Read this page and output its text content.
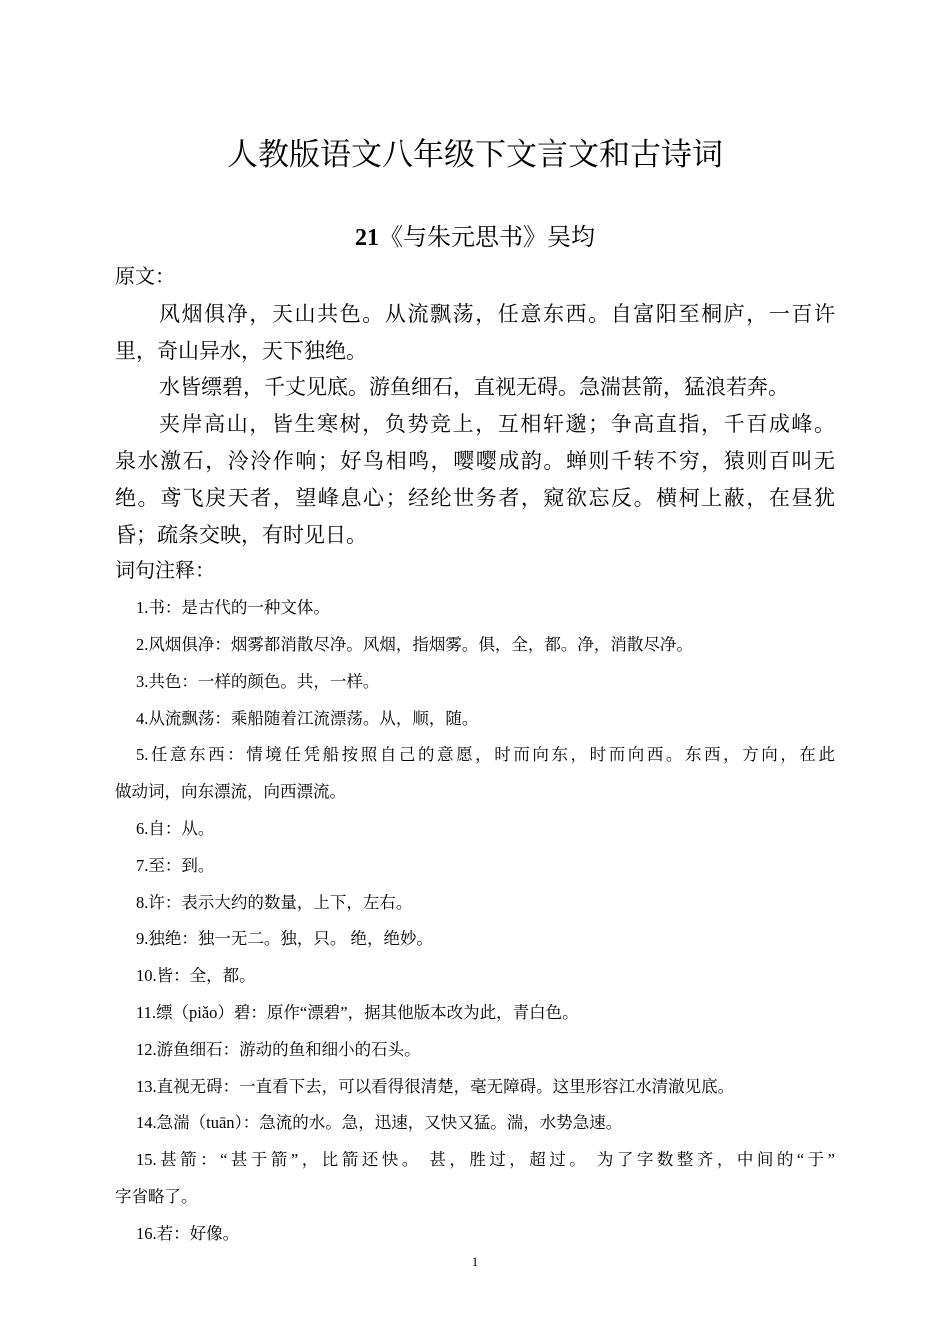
人教版语文八年级下文言文和古诗词
21《与朱元思书》吴均
原文：
风烟俱净，天山共色。从流飘荡，任意东西。自富阳至桐庐，一百许
里，奇山异水，天下独绝。
水皆缥碧，千丈见底。游鱼细石，直视无碍。急湍甚箭，猛浪若奔。
夹岸高山，皆生寒树，负势竞上，互相轩邈；争高直指，千百成峰。
泉水激石，泠泠作响；好鸟相鸣，嘤嘤成韵。蝉则千转不穷，猿则百叫无
绝。鸢飞戾天者，望峰息心；经纶世务者，窥欲忘反。横柯上蔽，在昼犹
昏；疏条交映，有时见日。
词句注释：
1.书：是古代的一种文体。
2.风烟俱净：烟雾都消散尽净。风烟，指烟雾。俱，全，都。净，消散尽净。
3.共色：一样的颜色。共，一样。
4.从流飘荡：乘船随着江流漂荡。从，顺，随。
5.任意东西：情境任凭船按照自己的意愿，时而向东，时而向西。东西，方向，在此
做动词，向东漂流，向西漂流。
6.自：从。
7.至：到。
8.许：表示大约的数量，上下，左右。
9.独绝：独一无二。独，只。 绝，绝妙。
10.皆：全，都。
11.缥（piǎo）碧：原作“漂碧”，据其他版本改为此，青白色。
12.游鱼细石：游动的鱼和细小的石头。
13.直视无碍：一直看下去，可以看得很清楚，毫无障碍。这里形容江水清澈见底。
14.急湍（tuān）：急流的水。急，迅速，又快又猛。湍，水势急速。
15.甚箭：“甚于箭”，比箭还快。 甚，胜过，超过。 为了字数整齐，中间的“于”
字省略了。
16.若：好像。
1
